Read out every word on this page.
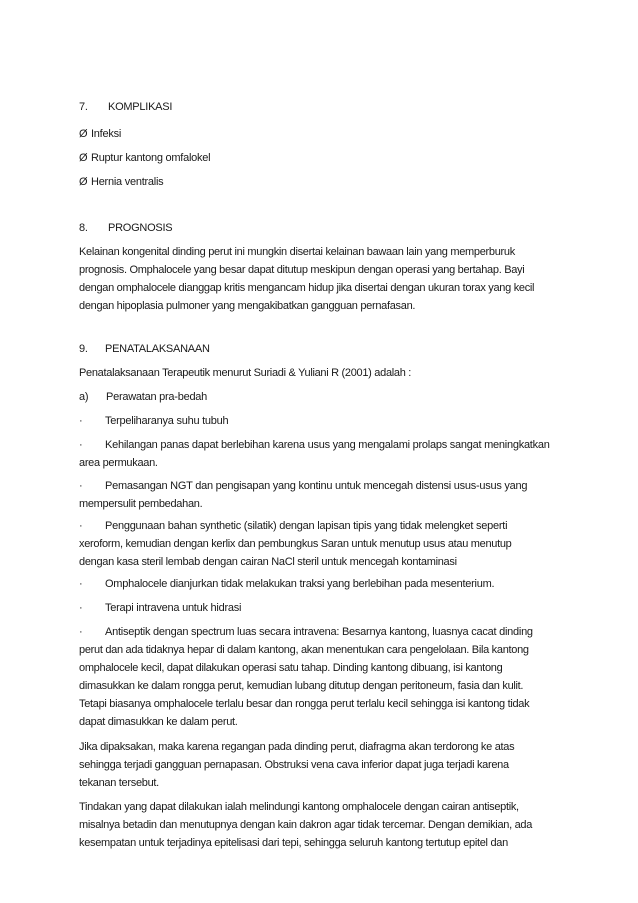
7. KOMPLIKASI
Ø Infeksi
Ø Ruptur kantong omfalokel
Ø Hernia ventralis
8. PROGNOSIS
Kelainan kongenital dinding perut ini mungkin disertai kelainan bawaan lain yang memperburuk
prognosis. Omphalocele yang besar dapat ditutup meskipun dengan operasi yang bertahap. Bayi
dengan omphalocele dianggap kritis mengancam hidup jika disertai dengan ukuran torax yang kecil
dengan hipoplasia pulmoner yang mengakibatkan gangguan pernafasan.
9. PENATALAKSANAAN
Penatalaksanaan Terapeutik menurut Suriadi & Yuliani R (2001) adalah :
a) Perawatan pra-bedah
· Terpeliharanya suhu tubuh
· Kehilangan panas dapat berlebihan karena usus yang mengalami prolaps sangat meningkatkan
area permukaan.
· Pemasangan NGT dan pengisapan yang kontinu untuk mencegah distensi usus-usus yang
mempersulit pembedahan.
· Penggunaan bahan synthetic (silatik) dengan lapisan tipis yang tidak melengket seperti
xeroform, kemudian dengan kerlix dan pembungkus Saran untuk menutup usus atau menutup
dengan kasa steril lembab dengan cairan NaCl steril untuk mencegah kontaminasi
· Omphalocele dianjurkan tidak melakukan traksi yang berlebihan pada mesenterium.
· Terapi intravena untuk hidrasi
· Antiseptik dengan spectrum luas secara intravena: Besarnya kantong, luasnya cacat dinding
perut dan ada tidaknya hepar di dalam kantong, akan menentukan cara pengelolaan. Bila kantong
omphalocele kecil, dapat dilakukan operasi satu tahap. Dinding kantong dibuang, isi kantong
dimasukkan ke dalam rongga perut, kemudian lubang ditutup dengan peritoneum, fasia dan kulit.
Tetapi biasanya omphalocele terlalu besar dan rongga perut terlalu kecil sehingga isi kantong tidak
dapat dimasukkan ke dalam perut.
Jika dipaksakan, maka karena regangan pada dinding perut, diafragma akan terdorong ke atas
sehingga terjadi gangguan pernapasan. Obstruksi vena cava inferior dapat juga terjadi karena
tekanan tersebut.
Tindakan yang dapat dilakukan ialah melindungi kantong omphalocele dengan cairan antiseptik,
misalnya betadin dan menutupnya dengan kain dakron agar tidak tercemar. Dengan demikian, ada
kesempatan untuk terjadinya epitelisasi dari tepi, sehingga seluruh kantong tertutup epitel dan
